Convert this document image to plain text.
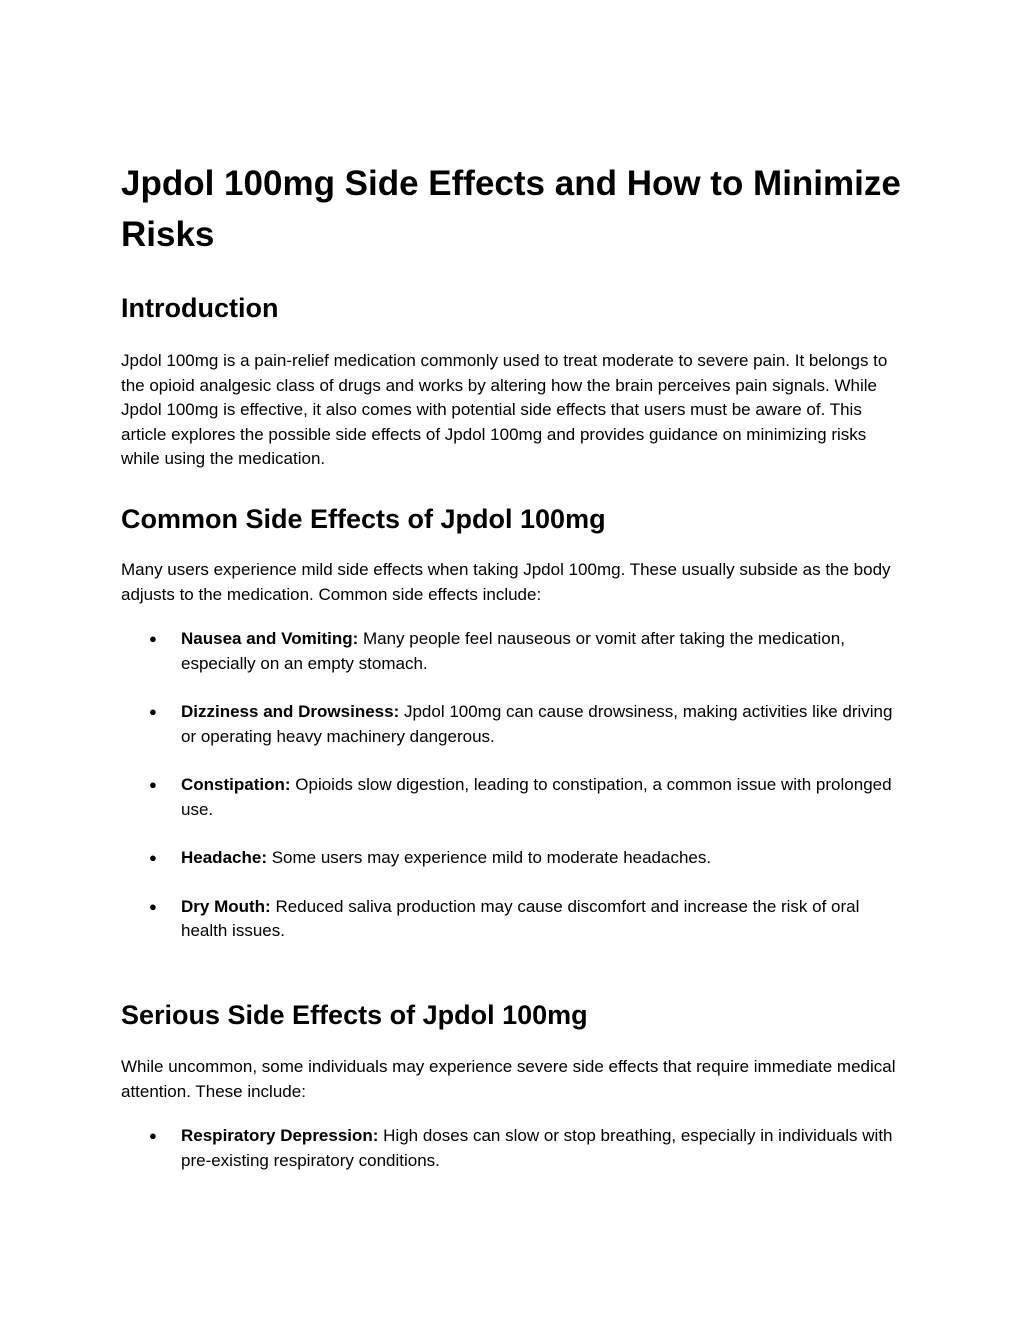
Jpdol 100mg Side Effects and How to Minimize Risks
Introduction

Jpdol 100mg is a pain-relief medication commonly used to treat moderate to severe pain. It belongs to the opioid analgesic class of drugs and works by altering how the brain perceives pain signals. While Jpdol 100mg is effective, it also comes with potential side effects that users must be aware of. This article explores the possible side effects of Jpdol 100mg and provides guidance on minimizing risks while using the medication.

Common Side Effects of Jpdol 100mg

Many users experience mild side effects when taking Jpdol 100mg. These usually subside as the body adjusts to the medication. Common side effects include:

● Nausea and Vomiting: Many people feel nauseous or vomit after taking the medication, especially on an empty stomach.
● Dizziness and Drowsiness: Jpdol 100mg can cause drowsiness, making activities like driving or operating heavy machinery dangerous.
● Constipation: Opioids slow digestion, leading to constipation, a common issue with prolonged use.
● Headache: Some users may experience mild to moderate headaches.
● Dry Mouth: Reduced saliva production may cause discomfort and increase the risk of oral health issues.
Serious Side Effects of Jpdol 100mg

While uncommon, some individuals may experience severe side effects that require immediate medical attention. These include:

● Respiratory Depression: High doses can slow or stop breathing, especially in individuals with pre-existing respiratory conditions.
